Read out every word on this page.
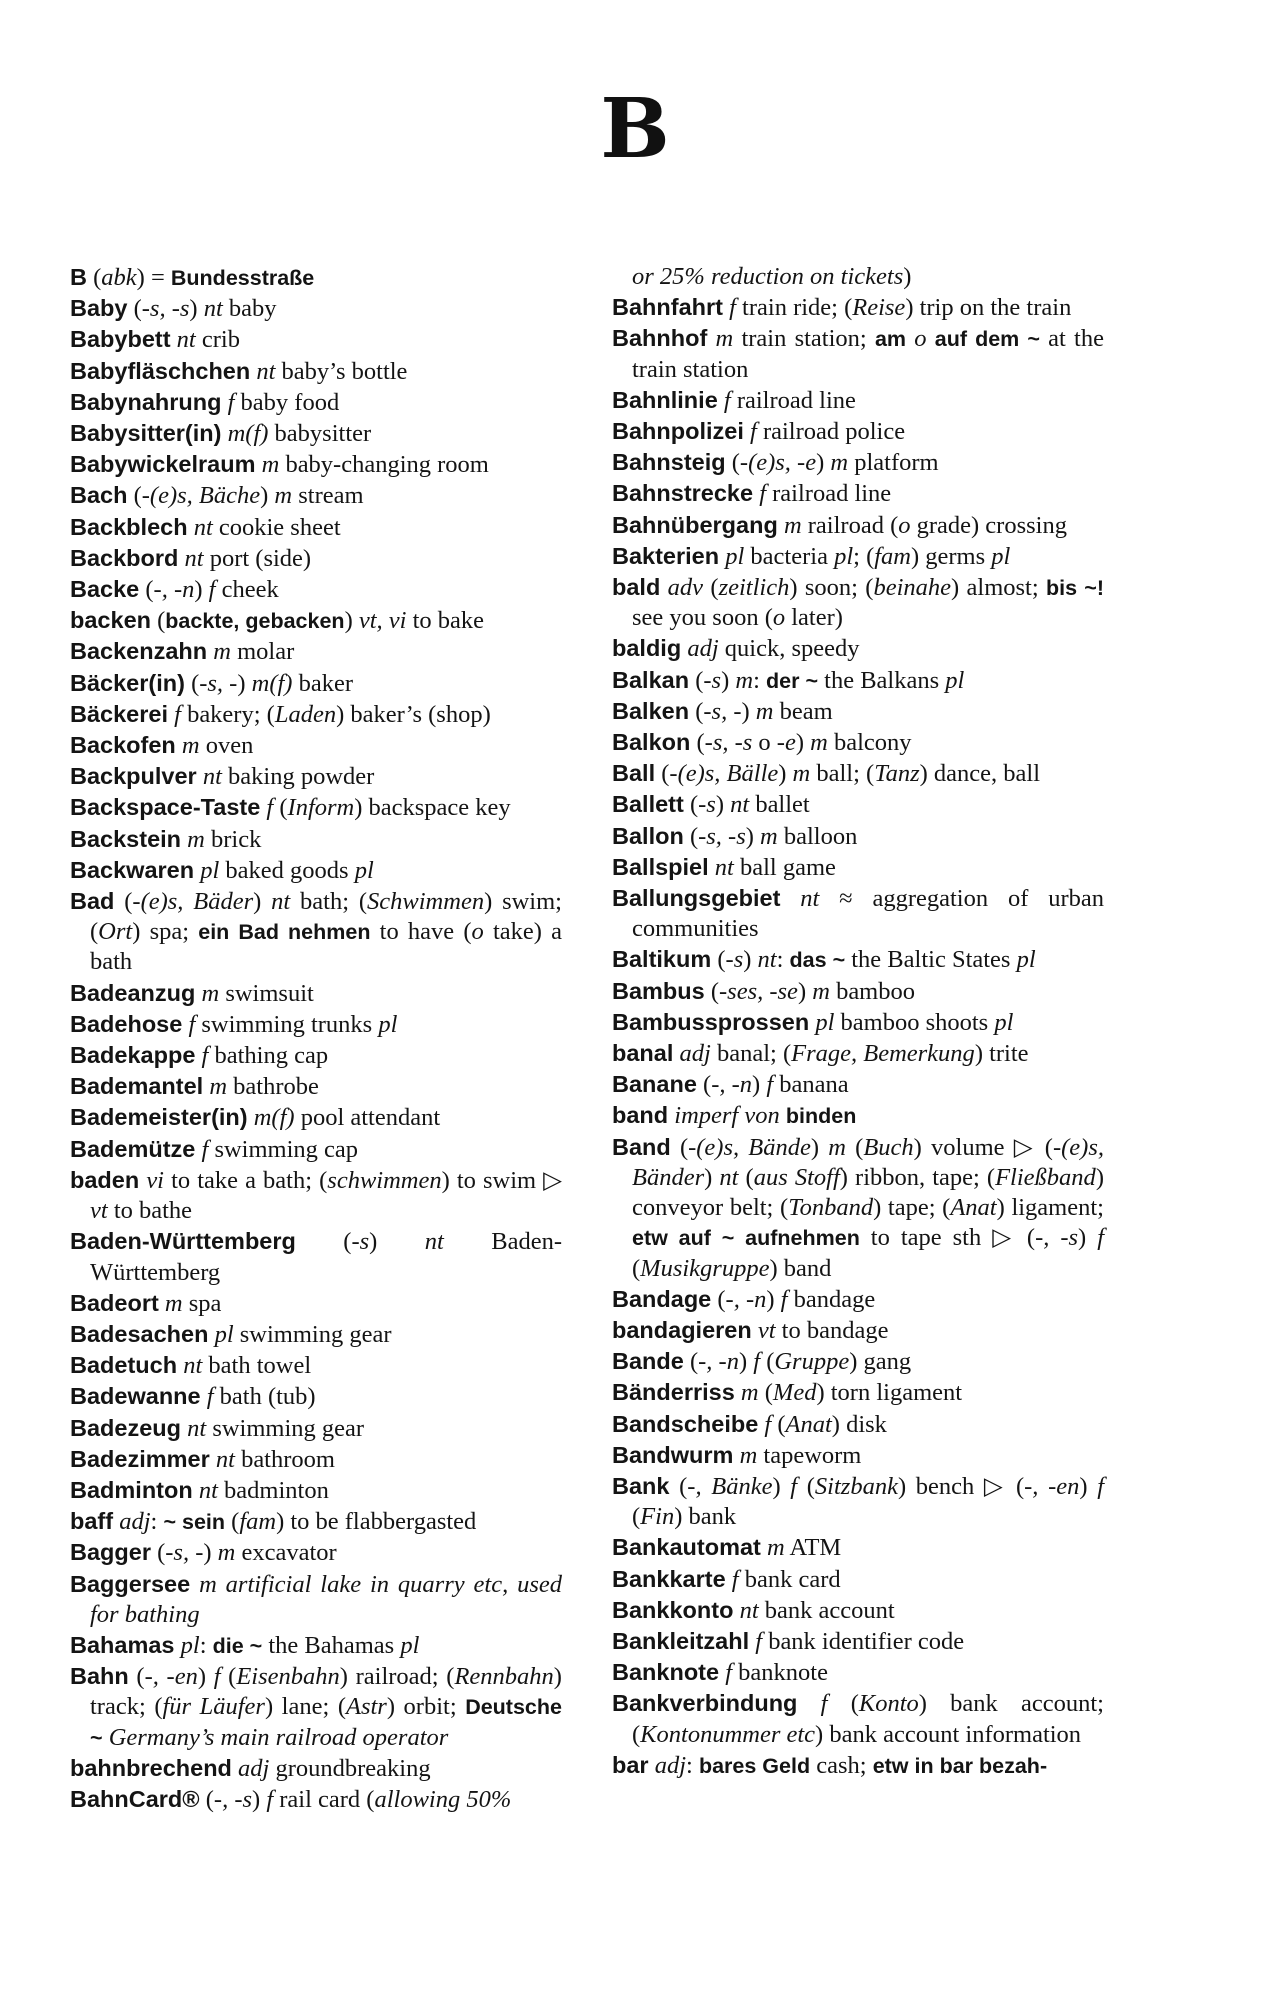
B
B (abk) = Bundesstraße
Baby (-s, -s) nt baby
Babybett nt crib
Babyfläschchen nt baby’s bottle
Babynahrung f baby food
Babysitter(in) m(f) babysitter
Babywickelraum m baby-changing room
Bach (-(e)s, Bäche) m stream
Backblech nt cookie sheet
Backbord nt port (side)
Backe (-, -n) f cheek
backen (backte, gebacken) vt, vi to bake
Backenzahn m molar
Bäcker(in) (-s, -) m(f) baker
Bäckerei f bakery; (Laden) baker’s (shop)
Backofen m oven
Backpulver nt baking powder
Backspace-Taste f (Inform) backspace key
Backstein m brick
Backwaren pl baked goods pl
Bad (-(e)s, Bäder) nt bath; (Schwimmen) swim; (Ort) spa; ein Bad nehmen to have (o take) a bath
Badeanzug m swimsuit
Badehose f swimming trunks pl
Badekappe f bathing cap
Bademantel m bathrobe
Bademeister(in) m(f) pool attendant
Bademütze f swimming cap
baden vi to take a bath; (schwimmen) to swim ▷ vt to bathe
Baden-Württemberg (-s) nt Baden-Württemberg
Badeort m spa
Badesachen pl swimming gear
Badetuch nt bath towel
Badewanne f bath (tub)
Badezeug nt swimming gear
Badezimmer nt bathroom
Badminton nt badminton
baff adj: ~ sein (fam) to be flabbergasted
Bagger (-s, -) m excavator
Baggersee m artificial lake in quarry etc, used for bathing
Bahamas pl: die ~ the Bahamas pl
Bahn (-, -en) f (Eisenbahn) railroad; (Rennbahn) track; (für Läufer) lane; (Astr) orbit; Deutsche ~ Germany’s main railroad operator
bahnbrechend adj groundbreaking
BahnCard® (-, -s) f rail card (allowing 50%
or 25% reduction on tickets)
Bahnfahrt f train ride; (Reise) trip on the train
Bahnhof m train station; am o auf dem ~ at the train station
Bahnlinie f railroad line
Bahnpolizei f railroad police
Bahnsteig (-(e)s, -e) m platform
Bahnstrecke f railroad line
Bahnübergang m railroad (o grade) crossing
Bakterien pl bacteria pl; (fam) germs pl
bald adv (zeitlich) soon; (beinahe) almost; bis ~! see you soon (o later)
baldig adj quick, speedy
Balkan (-s) m: der ~ the Balkans pl
Balken (-s, -) m beam
Balkon (-s, -s o -e) m balcony
Ball (-(e)s, Bälle) m ball; (Tanz) dance, ball
Ballett (-s) nt ballet
Ballon (-s, -s) m balloon
Ballspiel nt ball game
Ballungsgebiet nt ≈ aggregation of urban communities
Baltikum (-s) nt: das ~ the Baltic States pl
Bambus (-ses, -se) m bamboo
Bambussprossen pl bamboo shoots pl
banal adj banal; (Frage, Bemerkung) trite
Banane (-, -n) f banana
band imperf von binden
Band (-(e)s, Bände) m (Buch) volume ▷ (-(e)s, Bänder) nt (aus Stoff) ribbon, tape; (Fließband) conveyor belt; (Tonband) tape; (Anat) ligament; etw auf ~ aufnehmen to tape sth ▷ (-, -s) f (Musikgruppe) band
Bandage (-, -n) f bandage
bandagieren vt to bandage
Bande (-, -n) f (Gruppe) gang
Bänderriss m (Med) torn ligament
Bandscheibe f (Anat) disk
Bandwurm m tapeworm
Bank (-, Bänke) f (Sitzbank) bench ▷ (-, -en) f (Fin) bank
Bankautomat m ATM
Bankkarte f bank card
Bankkonto nt bank account
Bankleitzahl f bank identifier code
Banknote f banknote
Bankverbindung f (Konto) bank account; (Kontonummer etc) bank account information
bar adj: bares Geld cash; etw in bar bezah-
